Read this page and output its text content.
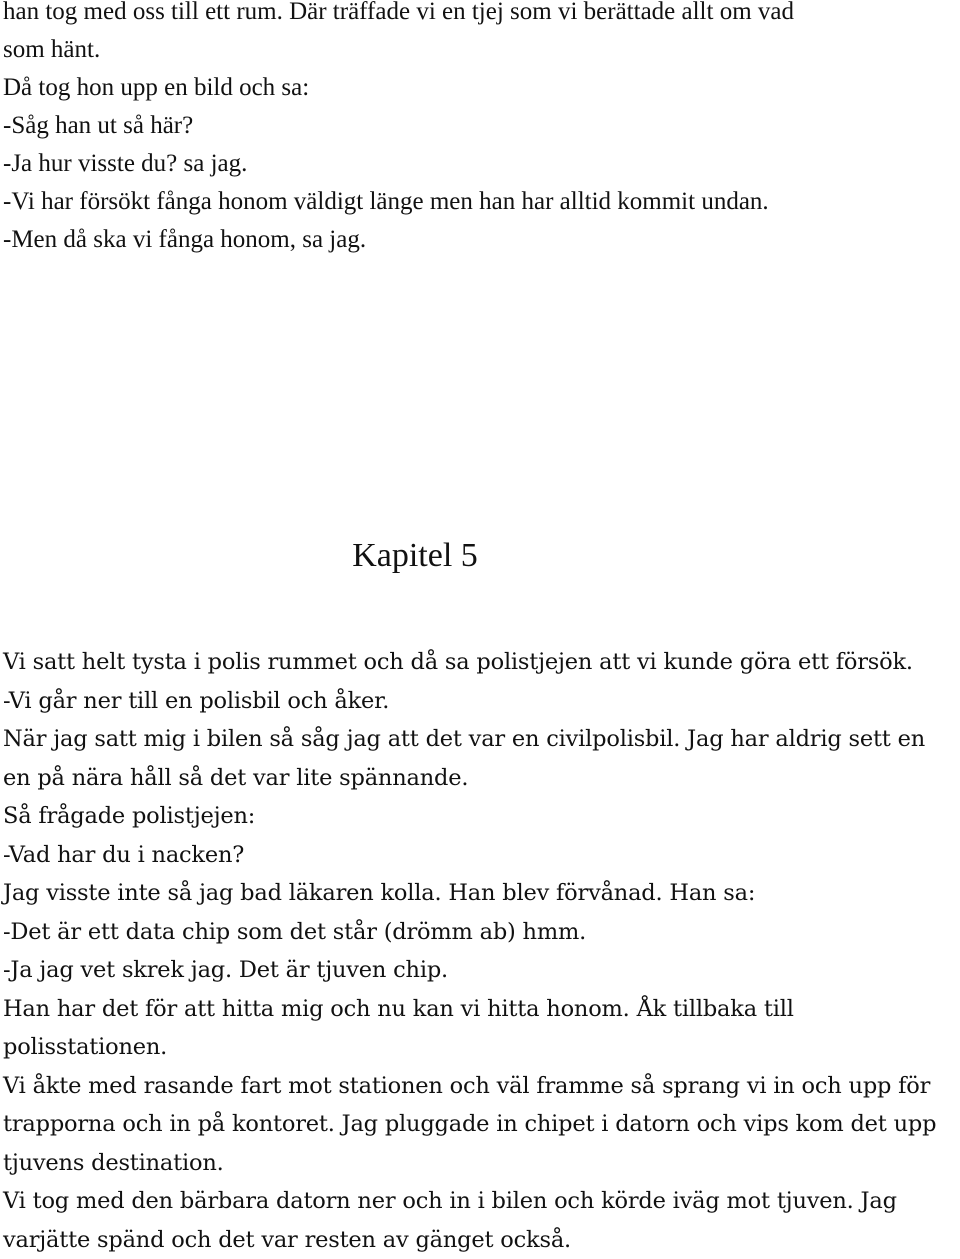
han tog med oss till ett rum. Där träffade vi en tjej som vi berättade allt om vad
som hänt.
Då tog hon upp en bild och sa:
-Såg han ut så här?
-Ja hur visste du? sa jag.
-Vi har försökt fånga honom väldigt länge men han har alltid kommit undan.
-Men då ska vi fånga honom, sa jag.
Kapitel 5
Vi satt helt tysta i polis rummet och då sa polistjejen att vi kunde göra ett försök.
-Vi går ner till en polisbil och åker.
När jag satt mig i bilen så såg jag att det var en civilpolisbil. Jag har aldrig sett en
en på nära håll så det var lite spännande.
Så frågade polistjejen:
-Vad har du i nacken?
Jag visste inte så jag bad läkaren kolla. Han blev förvånad. Han sa:
-Det är ett data chip som det står (drömm ab) hmm.
-Ja jag vet skrek jag. Det är tjuven chip.
Han har det för att hitta mig och nu kan vi hitta honom. Åk tillbaka till
polisstationen.
Vi åkte med rasande fart mot stationen och väl framme så sprang vi in och upp för
trapporna och in på kontoret. Jag pluggade in chipet i datorn och vips kom det upp
tjuvens destination.
Vi tog med den bärbara datorn ner och in i bilen och körde iväg mot tjuven. Jag
varjätte spänd och det var resten av gänget också.
